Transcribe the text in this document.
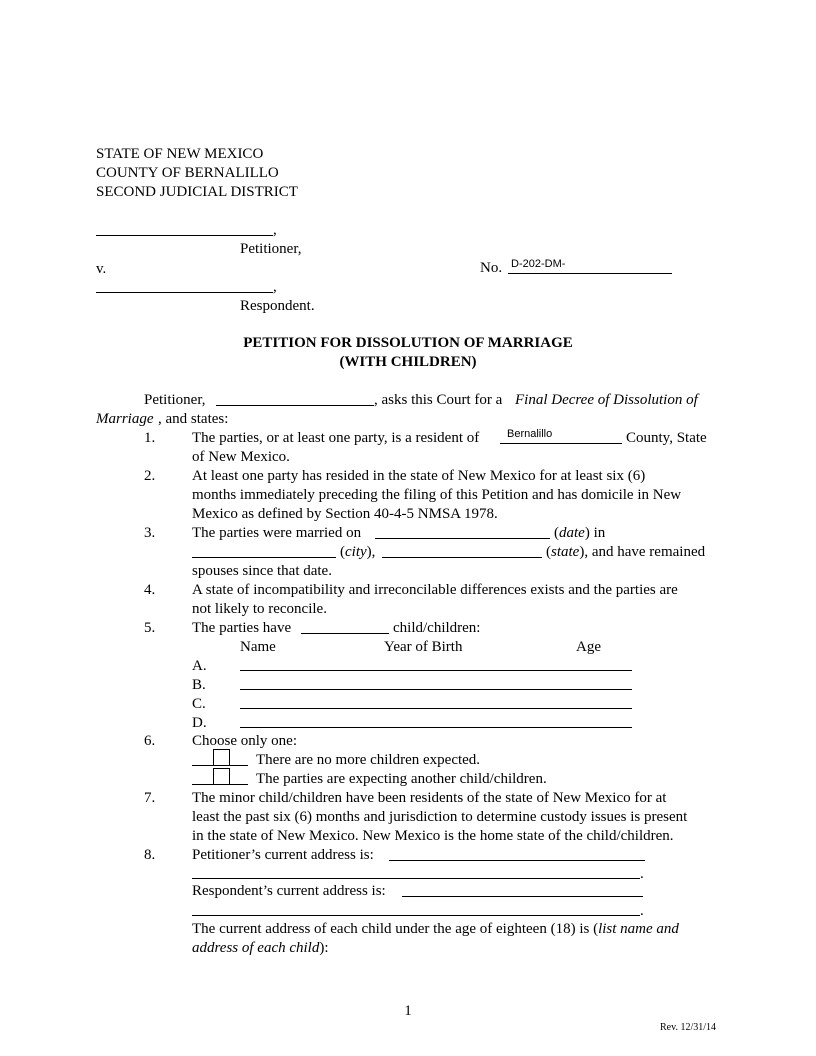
STATE OF NEW MEXICO
COUNTY OF BERNALILLO
SECOND JUDICIAL DISTRICT
,
Petitioner,
v.
,
Respondent.
No. D-202-DM-
PETITION FOR DISSOLUTION OF MARRIAGE
(WITH CHILDREN)
Petitioner,	, asks this Court for a Final Decree of Dissolution of
Marriage , and states:
1. The parties, or at least one party, is a resident of	Bernalillo	County, State
of New Mexico.
2. At least one party has resided in the state of New Mexico for at least six (6)
months immediately preceding the filing of this Petition and has domicile in New
Mexico as defined by Section 40-4-5 NMSA 1978.
3. The parties were married on	(date) in
(city),	(state), and have remained
spouses since that date.
4. A state of incompatibility and irreconcilable differences exists and the parties are
not likely to reconcile.
5. The parties have	child/children:
Name	Year of Birth	Age
A.
B.
C.
D.
6. Choose only one:
There are no more children expected.
The parties are expecting another child/children.
7. The minor child/children have been residents of the state of New Mexico for at
least the past six (6) months and jurisdiction to determine custody issues is present
in the state of New Mexico. New Mexico is the home state of the child/children.
8. Petitioner’s current address is:
.
Respondent’s current address is:
.
The current address of each child under the age of eighteen (18) is (list name and
address of each child):
1
Rev. 12/31/14
